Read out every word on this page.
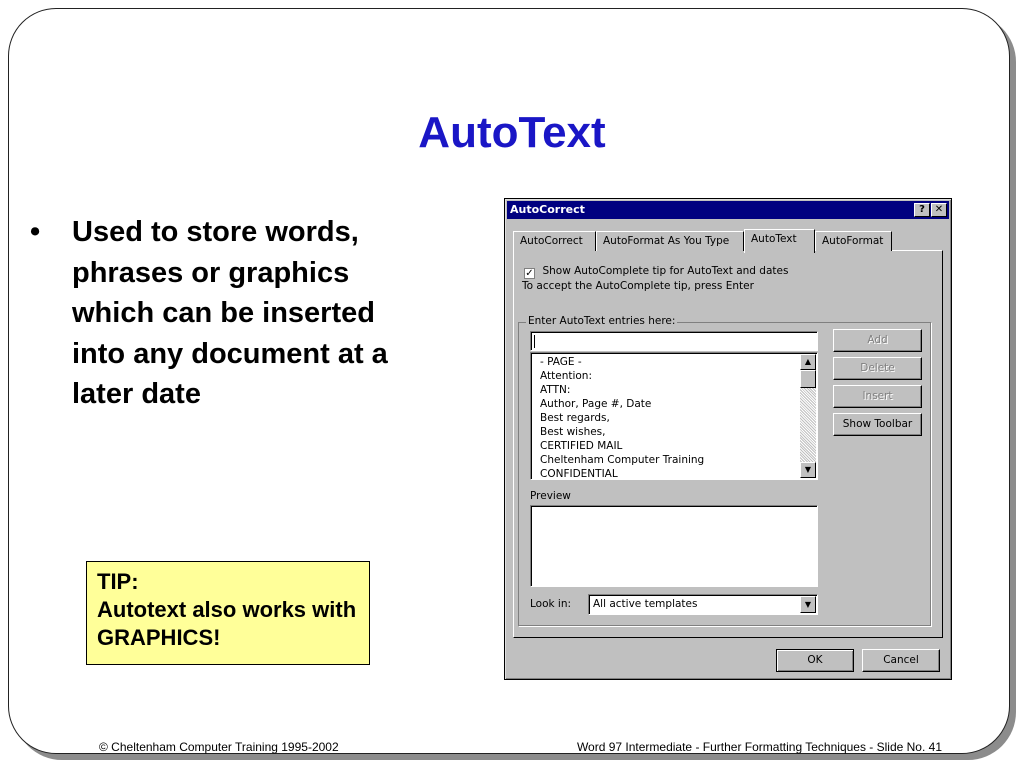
AutoText
• Used to store words, phrases or graphics which can be inserted into any document at a later date
TIP:
Autotext also works with GRAPHICS!
© Cheltenham Computer Training 1995-2002	Word 97 Intermediate - Further Formatting Techniques - Slide No. 41
AutoCorrect	? ✕
AutoCorrect	AutoFormat As You Type	AutoText	AutoFormat
✓ Show AutoComplete tip for AutoText and dates
To accept the AutoComplete tip, press Enter
Enter AutoText entries here:
- PAGE -
Attention:
ATTN:
Author, Page #, Date
Best regards,
Best wishes,
CERTIFIED MAIL
Cheltenham Computer Training
CONFIDENTIAL
▲
▼
Add
Delete
Insert
Show Toolbar
Preview
Look in:	All active templates	▼
OK	Cancel
